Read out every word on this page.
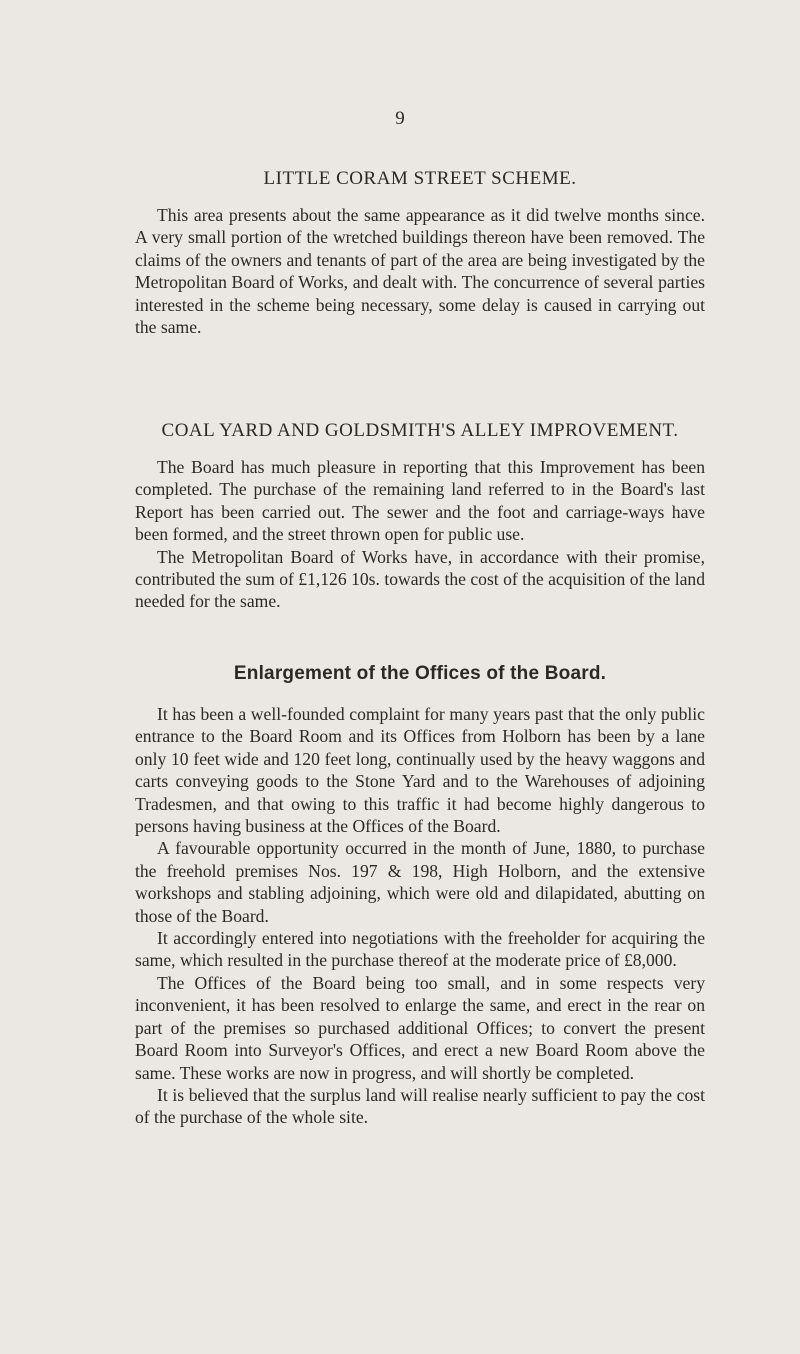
9
LITTLE CORAM STREET SCHEME.

This area presents about the same appearance as it did twelve months since. A very small portion of the wretched buildings thereon have been removed. The claims of the owners and tenants of part of the area are being investigated by the Metropolitan Board of Works, and dealt with. The concurrence of several parties interested in the scheme being necessary, some delay is caused in carrying out the same.

COAL YARD AND GOLDSMITH'S ALLEY IMPROVEMENT.

The Board has much pleasure in reporting that this Improvement has been completed. The purchase of the remaining land referred to in the Board's last Report has been carried out. The sewer and the foot and carriage-ways have been formed, and the street thrown open for public use.

The Metropolitan Board of Works have, in accordance with their promise, contributed the sum of £1,126 10s. towards the cost of the acquisition of the land needed for the same.

Enlargement of the Offices of the Board.

It has been a well-founded complaint for many years past that the only public entrance to the Board Room and its Offices from Holborn has been by a lane only 10 feet wide and 120 feet long, continually used by the heavy waggons and carts conveying goods to the Stone Yard and to the Warehouses of adjoining Tradesmen, and that owing to this traffic it had become highly dangerous to persons having business at the Offices of the Board.

A favourable opportunity occurred in the month of June, 1880, to purchase the freehold premises Nos. 197 & 198, High Holborn, and the extensive workshops and stabling adjoining, which were old and dilapidated, abutting on those of the Board.

It accordingly entered into negotiations with the freeholder for acquiring the same, which resulted in the purchase thereof at the moderate price of £8,000.

The Offices of the Board being too small, and in some respects very inconvenient, it has been resolved to enlarge the same, and erect in the rear on part of the premises so purchased additional Offices; to convert the present Board Room into Surveyor's Offices, and erect a new Board Room above the same. These works are now in progress, and will shortly be completed.

It is believed that the surplus land will realise nearly sufficient to pay the cost of the purchase of the whole site.
